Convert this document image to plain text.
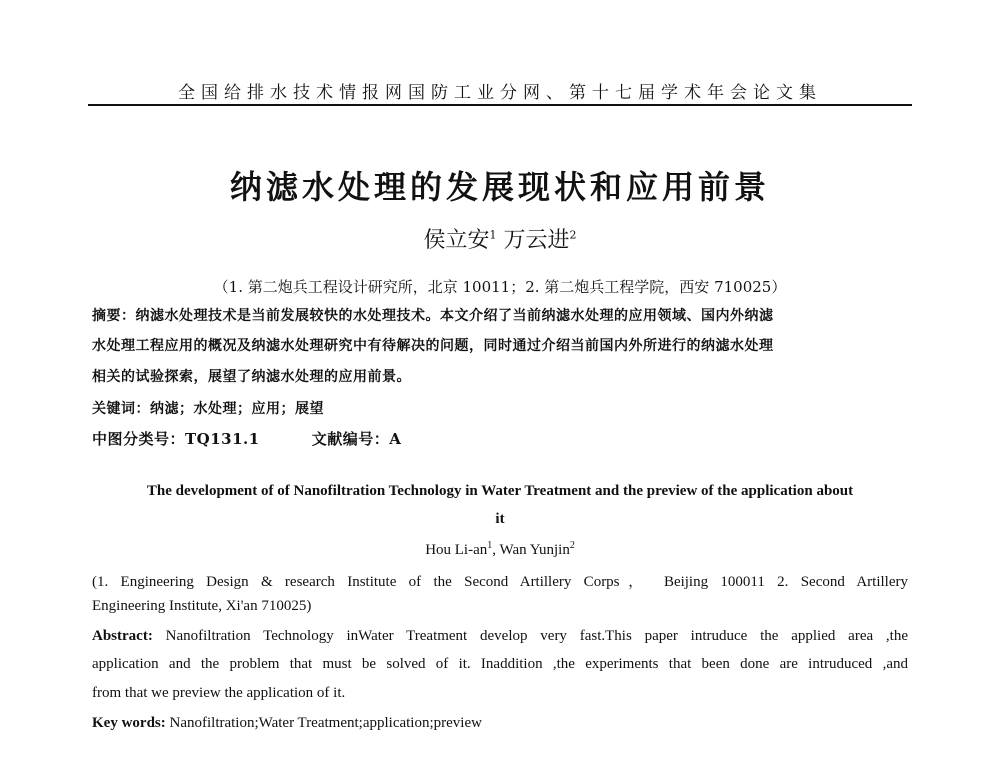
全国给排水技术情报网国防工业分网、第十七届学术年会论文集
纳滤水处理的发展现状和应用前景
侯立安$^1$ 万云进$^2$
（1. 第二炮兵工程设计研究所，北京 10011；2. 第二炮兵工程学院，西安 710025）
摘要：纳滤水处理技术是当前发展较快的水处理技术。本文介绍了当前纳滤水处理的应用领域、国内外纳滤
水处理工程应用的概况及纳滤水处理研究中有待解决的问题，同时通过介绍当前国内外所进行的纳滤水处理
相关的试验探索，展望了纳滤水处理的应用前景。
关键词：纳滤；水处理；应用；展望
中图分类号：TQ131.1	文献编号：A
The development of of Nanofiltration Technology in Water Treatment and the preview of the application about
it
Hou $Li-an^1$, Wan Yunjin$^2$
(1. Engineering Design & research Institute of the Second Artillery Corps， Beijing 100011 2. Second Artillery
Engineering Institute, Xi'an 710025)
Abstract: Nanofiltration Technology inWater Treatment develop very fast.This paper intruduce the applied area ,the
application and the problem that must be solved of it. Inaddition ,the experiments that been done are intruduced ,and
from that we preview the application of it.
Key words: Nanofiltration;Water Treatment;application;preview
